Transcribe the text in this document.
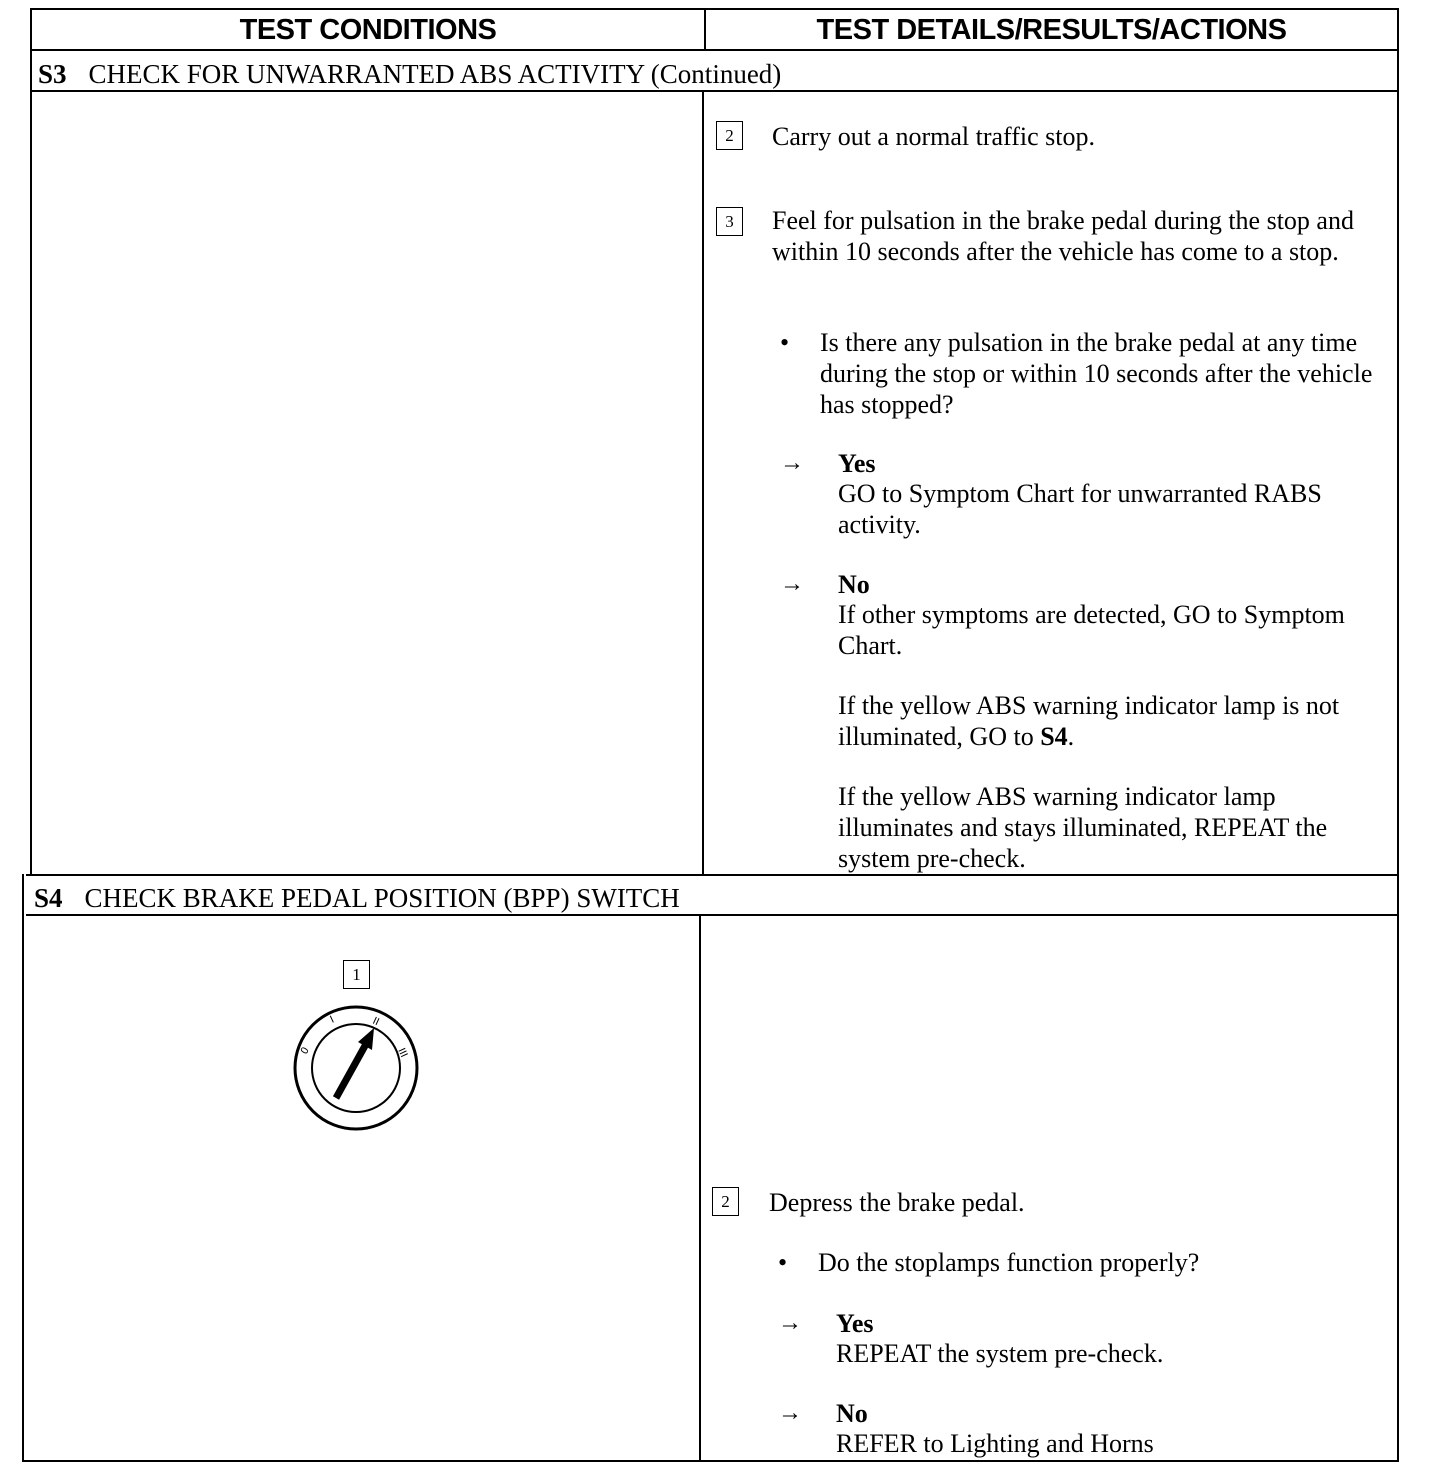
TEST CONDITIONS	TEST DETAILS/RESULTS/ACTIONS
S3 CHECK FOR UNWARRANTED ABS ACTIVITY (Continued)
2	Carry out a normal traffic stop.
3	Feel for pulsation in the brake pedal during the stop and within 10 seconds after the vehicle has come to a stop.
• Is there any pulsation in the brake pedal at any time during the stop or within 10 seconds after the vehicle has stopped?
→ Yes
GO to Symptom Chart for unwarranted RABS activity.
→ No
If other symptoms are detected, GO to Symptom Chart.
If the yellow ABS warning indicator lamp is not illuminated, GO to S4.
If the yellow ABS warning indicator lamp illuminates and stays illuminated, REPEAT the system pre-check.
S4 CHECK BRAKE PEDAL POSITION (BPP) SWITCH
1
0
I	II
III
2	Depress the brake pedal.
• Do the stoplamps function properly?
→ Yes
REPEAT the system pre-check.
→ No
REFER to Lighting and Horns
